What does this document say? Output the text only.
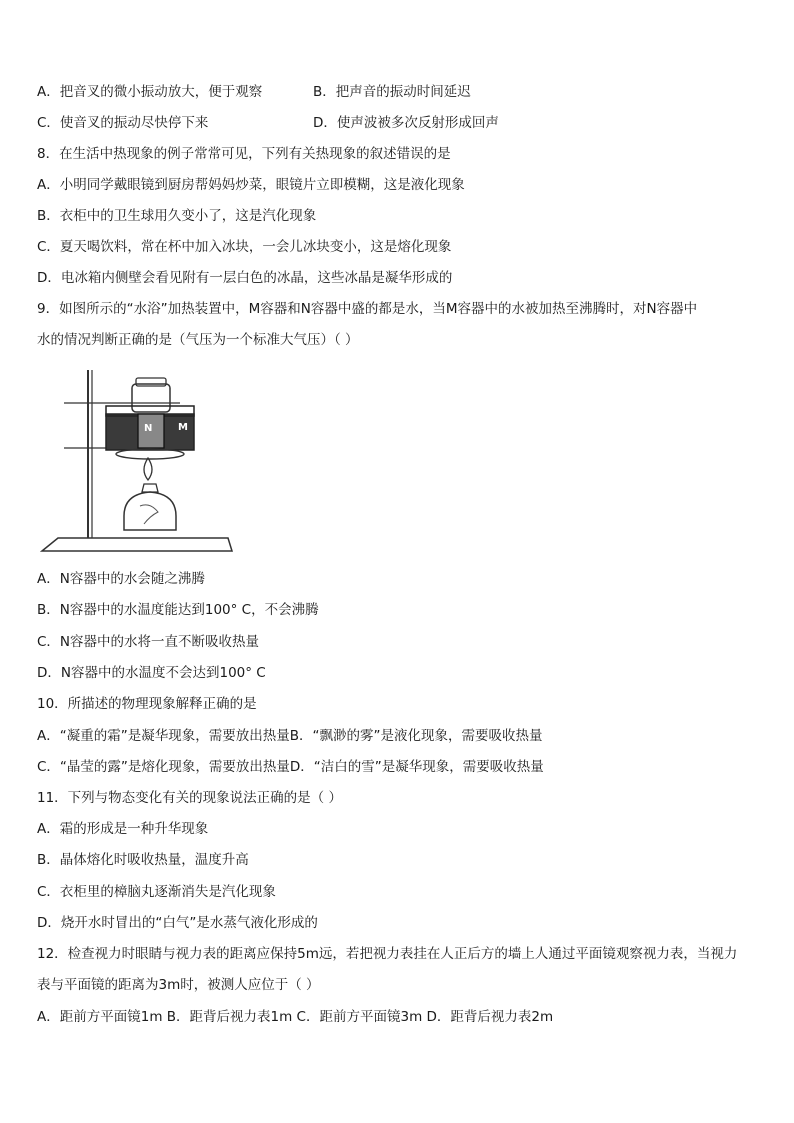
A．把音叉的微小振动放大，便于观察	B．把声音的振动时间延迟
C．使音叉的振动尽快停下来	D．使声波被多次反射形成回声
8．在生活中热现象的例子常常可见，下列有关热现象的叙述错误的是
A．小明同学戴眼镜到厨房帮妈妈炒菜，眼镜片立即模糊，这是液化现象
B．衣柜中的卫生球用久变小了，这是汽化现象
C．夏天喝饮料，常在杯中加入冰块，一会儿冰块变小，这是熔化现象
D．电冰箱内侧壁会看见附有一层白色的冰晶，这些冰晶是凝华形成的
9．如图所示的“水浴”加热装置中，M容器和N容器中盛的都是水，当M容器中的水被加热至沸腾时，对N容器中
水的情况判断正确的是（气压为一个标准大气压）（ ）
N	M
A．N容器中的水会随之沸腾
B．N容器中的水温度能达到100° C，不会沸腾
C．N容器中的水将一直不断吸收热量
D．N容器中的水温度不会达到100° C
10．所描述的物理现象解释正确的是
A．“凝重的霜”是凝华现象，需要放出热量B．“飘渺的雾”是液化现象，需要吸收热量
C．“晶莹的露”是熔化现象，需要放出热量D．“洁白的雪”是凝华现象，需要吸收热量
11．下列与物态变化有关的现象说法正确的是（ ）
A．霜的形成是一种升华现象
B．晶体熔化时吸收热量，温度升高
C．衣柜里的樟脑丸逐渐消失是汽化现象
D．烧开水时冒出的“白气”是水蒸气液化形成的
12．检查视力时眼睛与视力表的距离应保持5m远，若把视力表挂在人正后方的墙上人通过平面镜观察视力表，当视力
表与平面镜的距离为3m时，被测人应位于（ ）
A．距前方平面镜1m B．距背后视力表1m C．距前方平面镜3m D．距背后视力表2m
